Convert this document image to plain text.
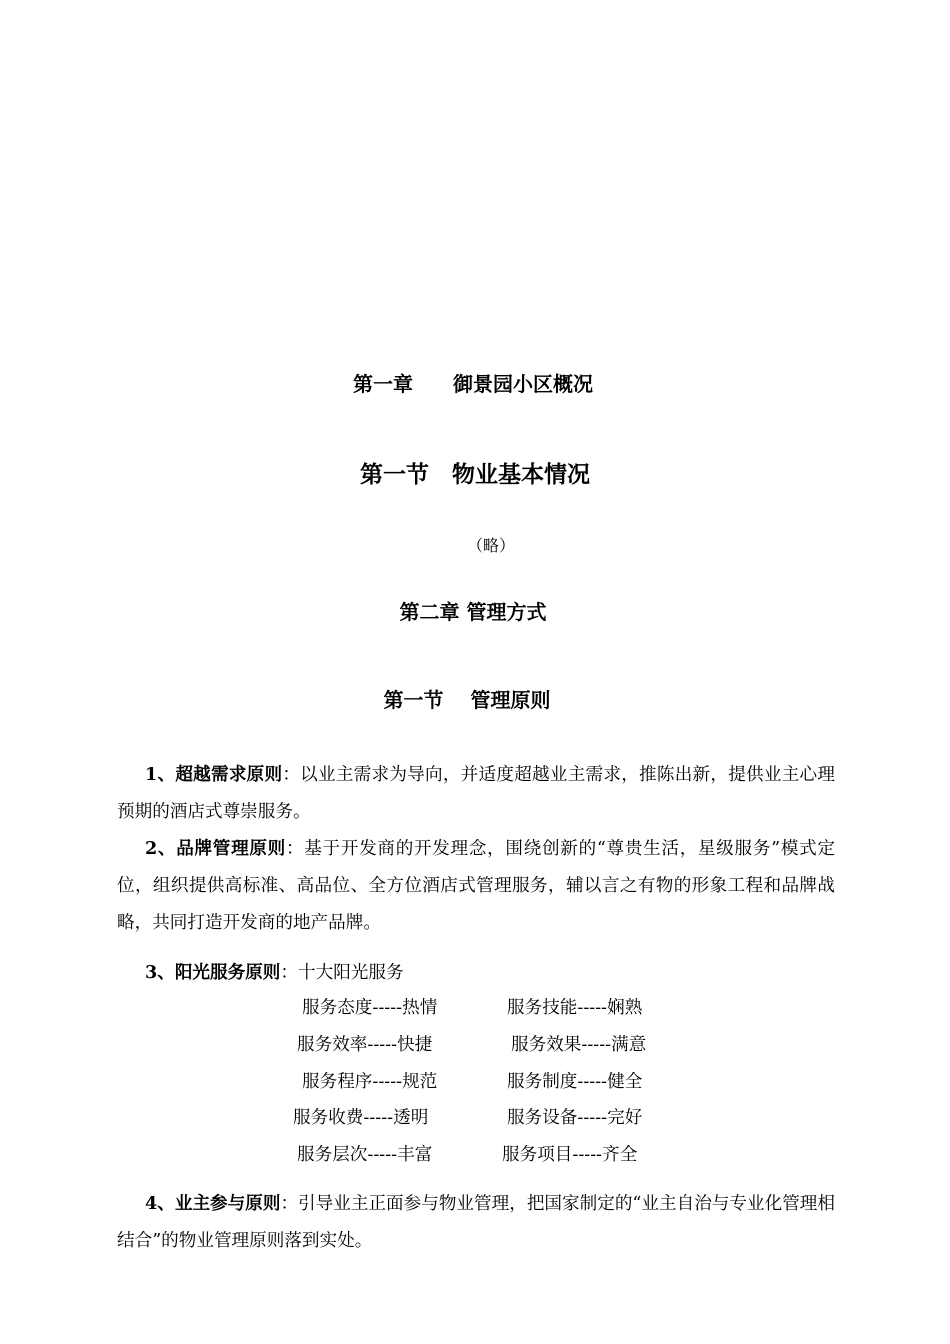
第一章　　御景园小区概况
第一节　物业基本情况
（略）
第二章 管理方式
第一节　 管理原则
1、超越需求原则：以业主需求为导向，并适度超越业主需求，推陈出新，提供业主心理预期的酒店式尊崇服务。
2、品牌管理原则：基于开发商的开发理念，围绕创新的“尊贵生活，星级服务”模式定位，组织提供高标准、高品位、全方位酒店式管理服务，辅以言之有物的形象工程和品牌战略，共同打造开发商的地产品牌。
3、阳光服务原则：十大阳光服务
服务态度-----热情	服务技能-----娴熟
服务效率-----快捷	服务效果-----满意
服务程序-----规范	服务制度-----健全
服务收费-----透明	服务设备-----完好
服务层次-----丰富	服务项目-----齐全
4、业主参与原则：引导业主正面参与物业管理，把国家制定的“业主自治与专业化管理相结合”的物业管理原则落到实处。
